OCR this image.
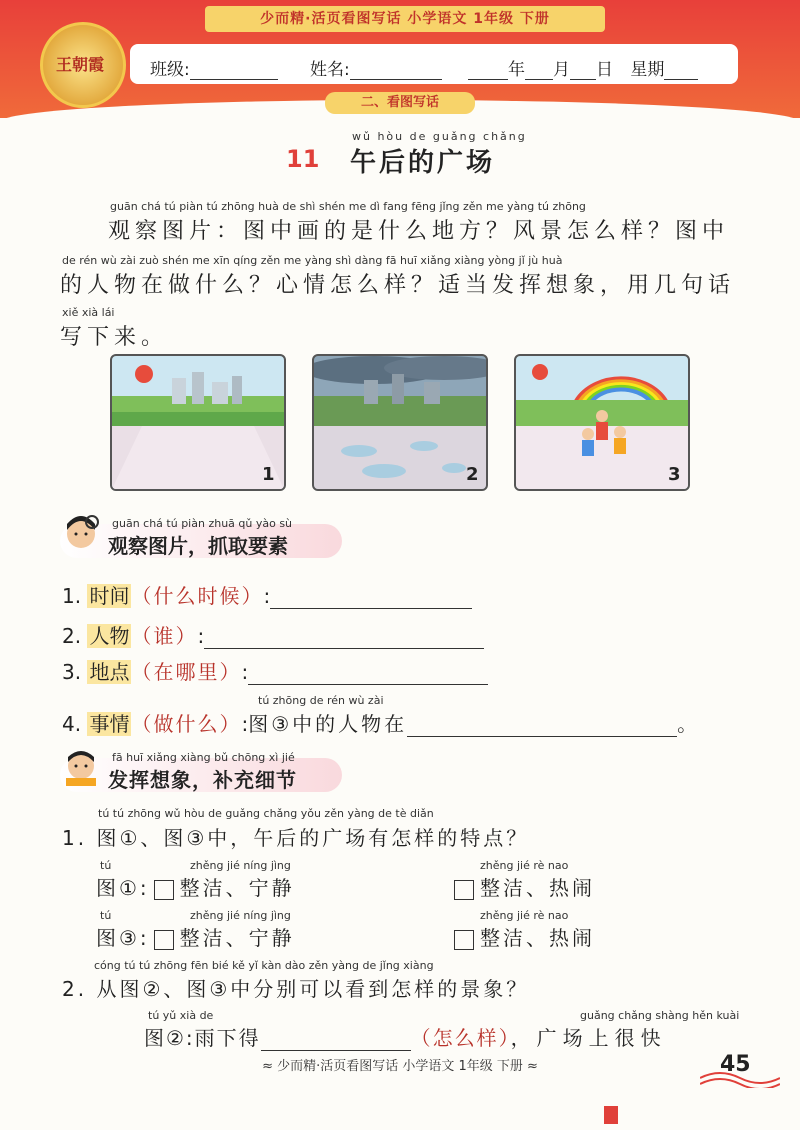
少而精·活页看图写话 小学语文 1年级 下册
王朝霞	班级:	姓名:	年 月 日 星期
二、看图写话
wǔ hòu de guǎng chǎng
11 午后的广场
guān chá tú piàn tú zhōng huà de shì shén me dì fang fēng jǐng zěn me yàng tú zhōng
观察图片：图中画的是什么地方？风景怎么样？图中
de rén wù zài zuò shén me xīn qíng zěn me yàng shì dàng fā huī xiǎng xiàng yòng jǐ jù huà
的人物在做什么？心情怎么样？适当发挥想象，用几句话
xiě xià lái
写下来。
1	2	3
guān chá tú piàn zhuā qǔ yào sù
观察图片，抓取要素
1. 时间 （什么时候）:
2. 人物 （谁）:
3. 地点 （在哪里）:
tú zhōng de rén wù zài
4. 事情 （做什么）:图③中的人物在	。
fā huī xiǎng xiàng bǔ chōng xì jié
发挥想象，补充细节
tú tú zhōng wǔ hòu de guǎng chǎng yǒu zěn yàng de tè diǎn
1. 图①、图③中，午后的广场有怎样的特点？
tú	zhěng jié níng jìng	zhěng jié rè nao
图①: 整洁、宁静	整洁、热闹
tú	zhěng jié níng jìng	zhěng jié rè nao
图③: 整洁、宁静	整洁、热闹
cóng tú tú zhōng fēn bié kě yǐ kàn dào zěn yàng de jǐng xiàng
2. 从图②、图③中分别可以看到怎样的景象？
tú yǔ xià de	guǎng chǎng shàng hěn kuài
图②:雨下得	（怎么样），广场上很快
≈ 少而精·活页看图写话 小学语文 1年级 下册 ≈	45
